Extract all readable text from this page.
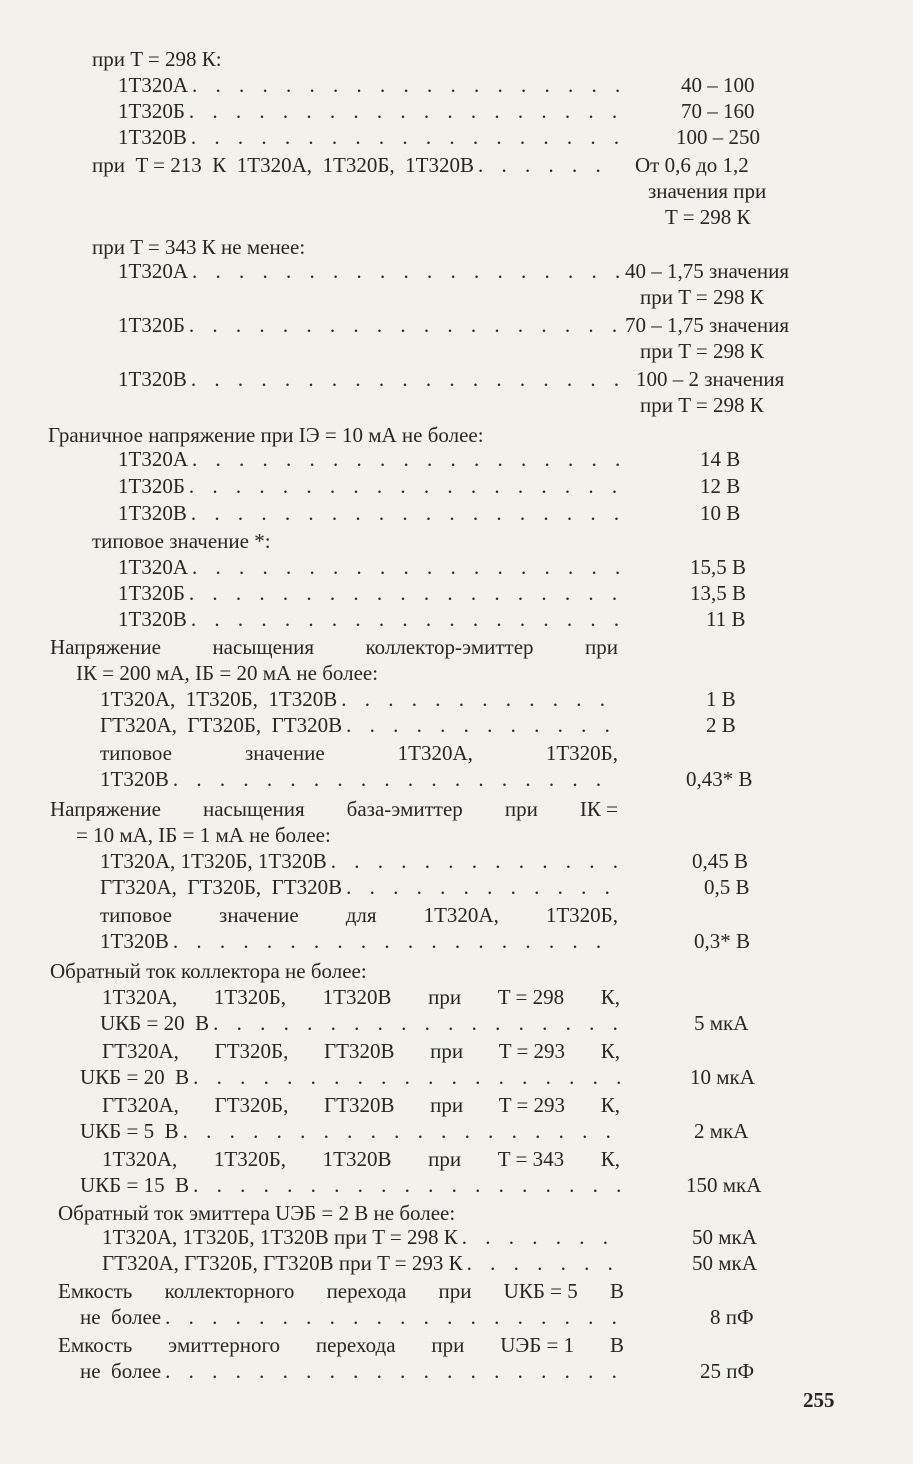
при T = 298 К:
1Т320А . . .	40 – 100
1Т320Б . . .	70 – 160
1Т320В . . .	100 – 250
при  T = 213  К  1Т320А,  1Т320Б,  1Т320В . . .	От 0,6 до 1,2
значения при
T = 298 К
при T = 343 К не менее:
1Т320А . . .	40 – 1,75 значения
при T = 298 К
1Т320Б . . .	70 – 1,75 значения
при T = 298 К
1Т320В . . .	100 – 2 значения
при T = 298 К
Граничное напряжение при IЭ = 10 мА не более:
1Т320А . . .	14 В
1Т320Б . . .	12 В
1Т320В . . .	10 В
типовое значение *:
1Т320А . . .	15,5 В
1Т320Б . . .	13,5 В
1Т320В . . .	11 В
Напряжение насыщения коллектор-эмиттер при
IК = 200 мА, IБ = 20 мА не более:
1Т320А,  1Т320Б,  1Т320В . . .	1 В
ГТ320А,  ГТ320Б,  ГТ320В . . .	2 В
типовое	значение	1Т320А,	1Т320Б,
1Т320В . . .	0,43* В
Напряжение насыщения база-эмиттер при IК =
= 10 мА, IБ = 1 мА не более:
1Т320А, 1Т320Б, 1Т320В . . .	0,45 В
ГТ320А,  ГТ320Б,  ГТ320В . . .	0,5 В
типовое значение для 1Т320А, 1Т320Б,
1Т320В . . .	0,3* В
Обратный ток коллектора не более:
1Т320А, 1Т320Б, 1Т320В при T = 298 К,
UКБ = 20  В . . .	5 мкА
ГТ320А, ГТ320Б, ГТ320В при T = 293 К,
UКБ = 20  В . . .	10 мкА
ГТ320А, ГТ320Б, ГТ320В при T = 293 К,
UКБ = 5  В . . .	2 мкА
1Т320А, 1Т320Б, 1Т320В при T = 343 К,
UКБ = 15  В . . .	150 мкА
Обратный ток эмиттера UЭБ = 2 В не более:
1Т320А, 1Т320Б, 1Т320В при T = 298 К . . .	50 мкА
ГТ320А, ГТ320Б, ГТ320В при T = 293 К . . .	50 мкА
Емкость коллекторного перехода при UКБ = 5 В
не  более . . .	8 пФ
Емкость эмиттерного перехода при UЭБ = 1 В
не  более . . .	25 пФ
255
